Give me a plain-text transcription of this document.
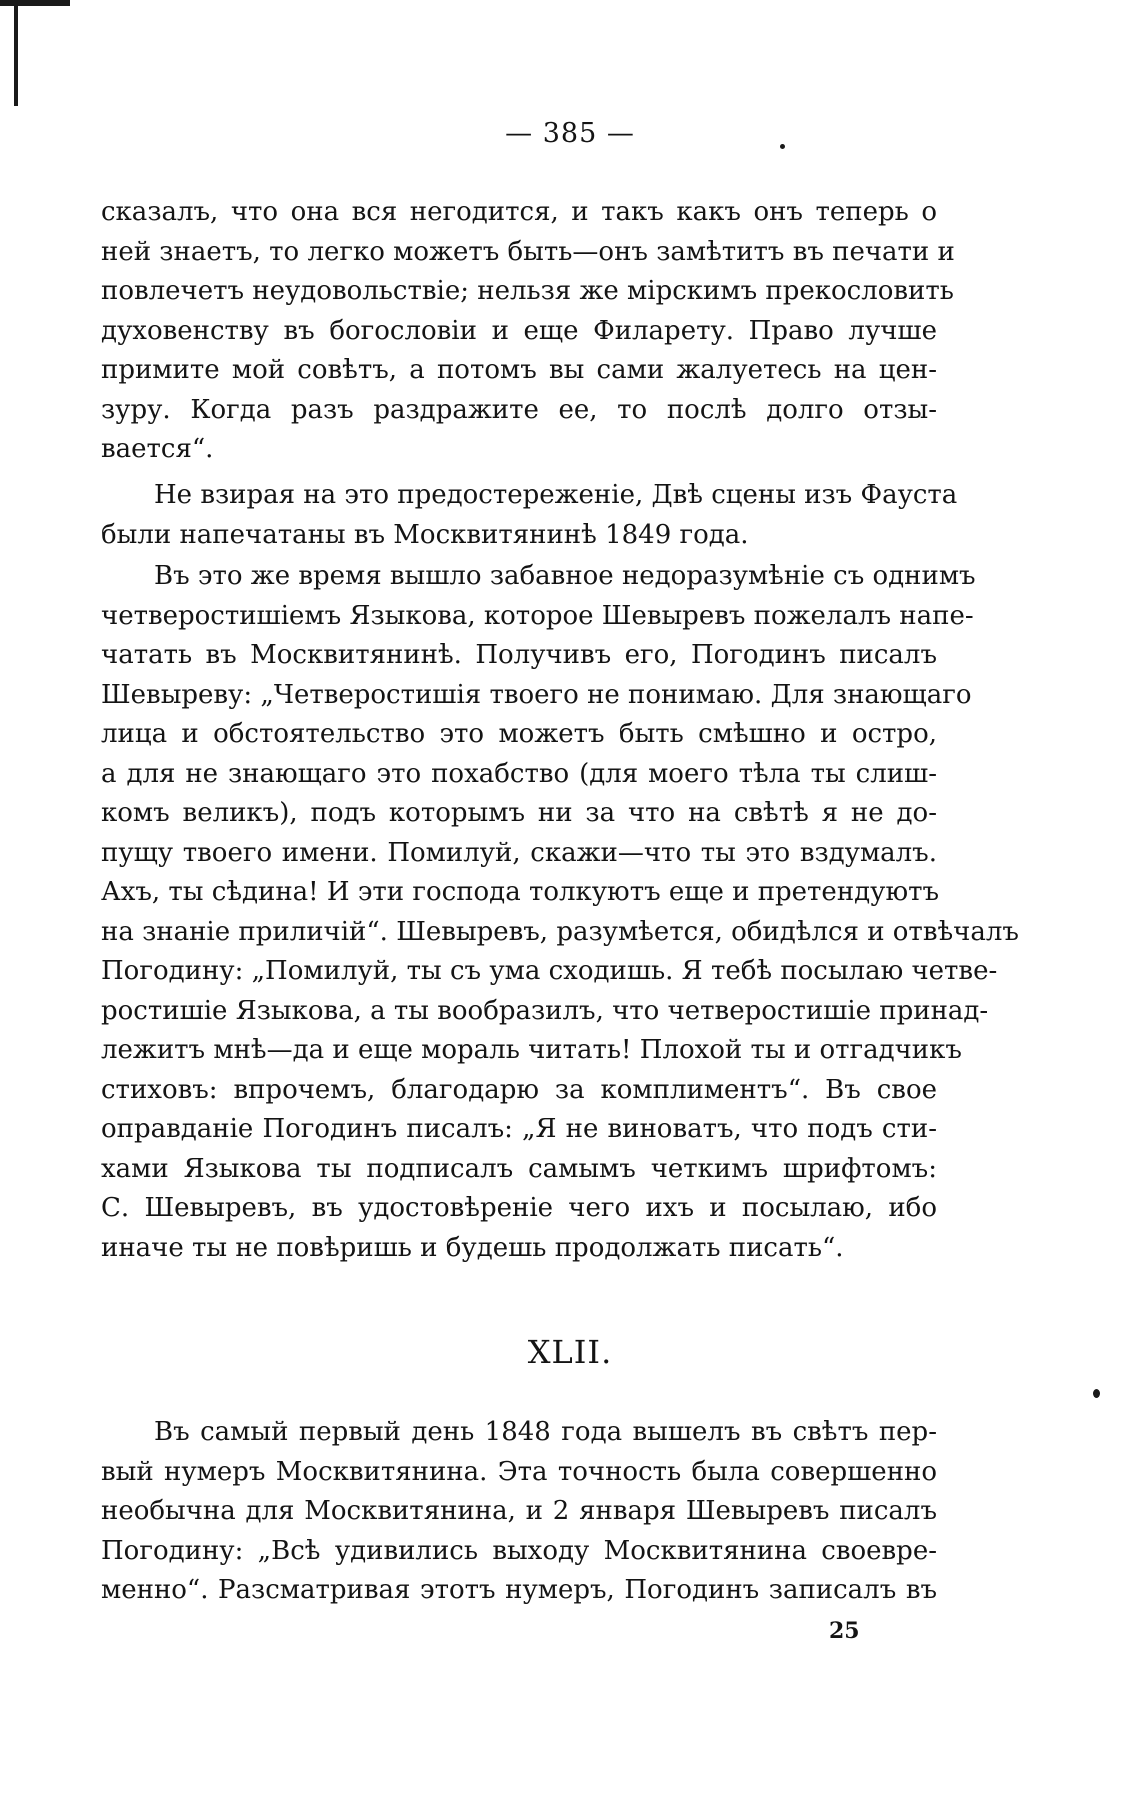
— 385 —
сказалъ, что она вся негодится, и такъ какъ онъ теперь о
ней знаетъ, то легко можетъ быть—онъ замѣтитъ въ печати и
повлечетъ неудовольствіе; нельзя же мірскимъ прекословить
духовенству въ богословіи и еще Филарету. Право лучше
примите мой совѣтъ, а потомъ вы сами жалуетесь на цен-
зуру. Когда разъ раздражите ее, то послѣ долго отзы-
вается“.
Не взирая на это предостереженіе, Двѣ сцены изъ Фауста
были напечатаны въ Москвитянинѣ 1849 года.
Въ это же время вышло забавное недоразумѣніе съ однимъ
четверостишіемъ Языкова, которое Шевыревъ пожелалъ напе-
чатать въ Москвитянинѣ. Получивъ его, Погодинъ писалъ
Шевыреву: „Четверостишія твоего не понимаю. Для знающаго
лица и обстоятельство это можетъ быть смѣшно и остро,
а для не знающаго это похабство (для моего тѣла ты слиш-
комъ великъ), подъ которымъ ни за что на свѣтѣ я не до-
пущу твоего имени. Помилуй, скажи—что ты это вздумалъ.
Ахъ, ты сѣдина! И эти господа толкуютъ еще и претендуютъ
на знаніе приличій“. Шевыревъ, разумѣется, обидѣлся и отвѣчалъ
Погодину: „Помилуй, ты съ ума сходишь. Я тебѣ посылаю четве-
ростишіе Языкова, а ты вообразилъ, что четверостишіе принад-
лежитъ мнѣ—да и еще мораль читать! Плохой ты и отгадчикъ
стиховъ: впрочемъ, благодарю за комплиментъ“. Въ свое
оправданіе Погодинъ писалъ: „Я не виноватъ, что подъ сти-
хами Языкова ты подписалъ самымъ четкимъ шрифтомъ:
С. Шевыревъ, въ удостовѣреніе чего ихъ и посылаю, ибо
иначе ты не повѣришь и будешь продолжать писать“.
XLII.
Въ самый первый день 1848 года вышелъ въ свѣтъ пер-
вый нумеръ Москвитянина. Эта точность была совершенно
необычна для Москвитянина, и 2 января Шевыревъ писалъ
Погодину: „Всѣ удивились выходу Москвитянина своевре-
менно“. Разсматривая этотъ нумеръ, Погодинъ записалъ въ
25
